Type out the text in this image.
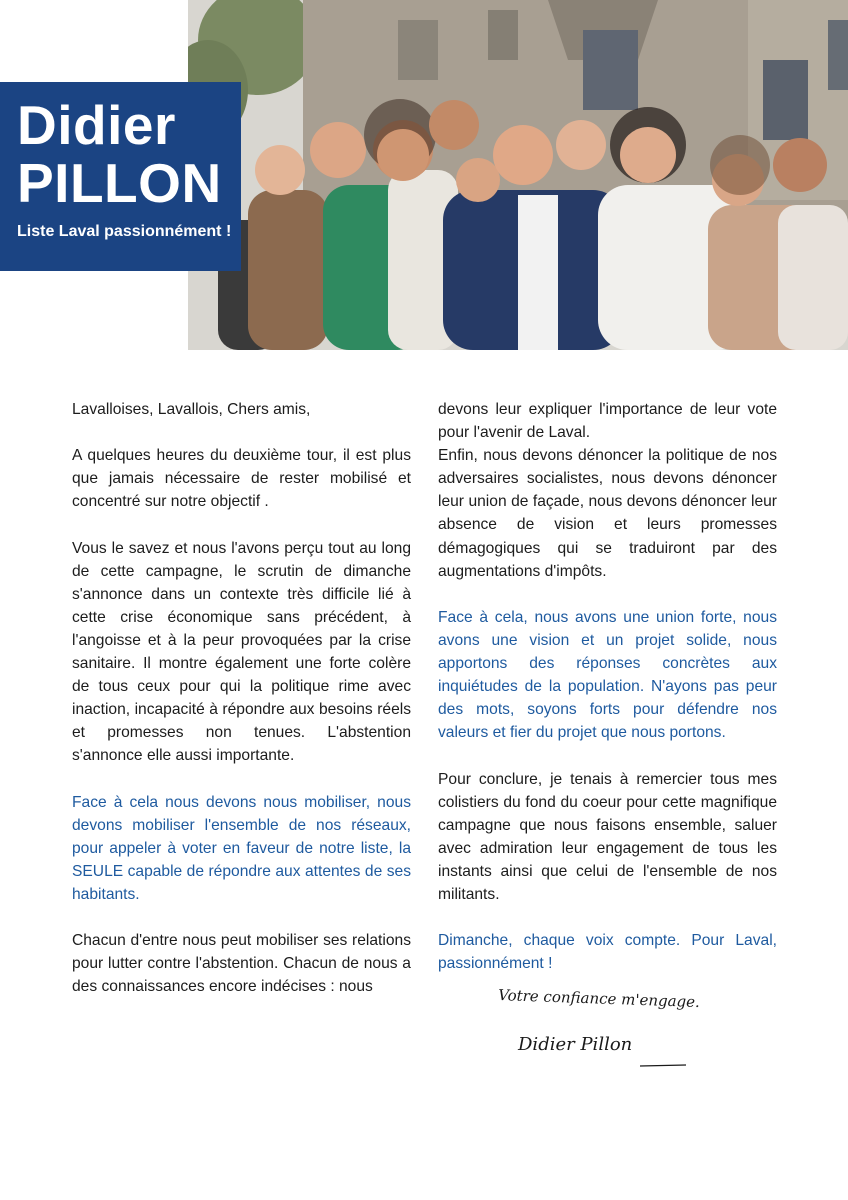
Didier
PILLON
Liste Laval passionnément !

Lavalloises, Lavallois, Chers amis,

A quelques heures du deuxième tour, il est plus que jamais nécessaire de rester mobilisé et concentré sur notre objectif .

Vous le savez et nous l'avons perçu tout au long de cette campagne, le scrutin de dimanche s'annonce dans un contexte très difficile lié à cette crise économique sans précédent, à l'angoisse et à la peur provoquées par la crise sanitaire. Il montre également une forte colère de tous ceux pour qui la politique rime avec inaction, incapacité à répondre aux besoins réels et promesses non tenues. L'abstention s'annonce elle aussi importante.

Face à cela nous devons nous mobiliser, nous devons mobiliser l'ensemble de nos réseaux, pour appeler à voter en faveur de notre liste, la SEULE capable de répondre aux attentes de ses habitants.

Chacun d'entre nous peut mobiliser ses relations pour lutter contre l'abstention. Chacun de nous a des connaissances encore indécises : nous

devons leur expliquer l'importance de leur vote pour l'avenir de Laval.

Enfin, nous devons dénoncer la politique de nos adversaires socialistes, nous devons dénoncer leur union de façade, nous devons dénoncer leur absence de vision et leurs promesses démagogiques qui se traduiront par des augmentations d'impôts.

Face à cela, nous avons une union forte, nous avons une vision et un projet solide, nous apportons des réponses concrètes aux inquiétudes de la population. N'ayons pas peur des mots, soyons forts pour défendre nos valeurs et fier du projet que nous portons.

Pour conclure, je tenais à remercier tous mes colistiers du fond du coeur pour cette magnifique campagne que nous faisons ensemble, saluer avec admiration leur engagement de tous les instants ainsi que celui de l'ensemble de nos militants.

Dimanche, chaque voix compte. Pour Laval, passionnément !

Votre confiance m'engage.
Didier Pillon
